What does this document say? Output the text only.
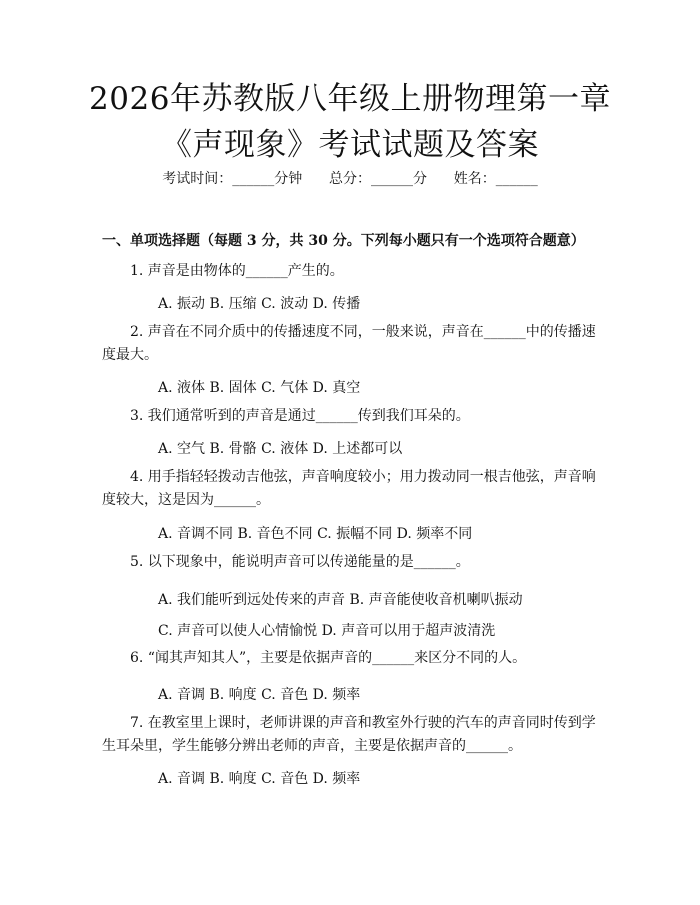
2026年苏教版八年级上册物理第一章《声现象》考试试题及答案
考试时间：______分钟      总分：______分      姓名：______
一、单项选择题（每题 3 分，共 30 分。下列每小题只有一个选项符合题意）
1. 声音是由物体的______产生的。
A. 振动 B. 压缩 C. 波动 D. 传播
2. 声音在不同介质中的传播速度不同，一般来说，声音在______中的传播速度最大。
A. 液体 B. 固体 C. 气体 D. 真空
3. 我们通常听到的声音是通过______传到我们耳朵的。
A. 空气 B. 骨骼 C. 液体 D. 上述都可以
4. 用手指轻轻拨动吉他弦，声音响度较小；用力拨动同一根吉他弦，声音响度较大，这是因为______。
A. 音调不同 B. 音色不同 C. 振幅不同 D. 频率不同
5. 以下现象中，能说明声音可以传递能量的是______。
A. 我们能听到远处传来的声音 B. 声音能使收音机喇叭振动
C. 声音可以使人心情愉悦 D. 声音可以用于超声波清洗
6. “闻其声知其人”，主要是依据声音的______来区分不同的人。
A. 音调 B. 响度 C. 音色 D. 频率
7. 在教室里上课时，老师讲课的声音和教室外行驶的汽车的声音同时传到学生耳朵里，学生能够分辨出老师的声音，主要是依据声音的______。
A. 音调 B. 响度 C. 音色 D. 频率
